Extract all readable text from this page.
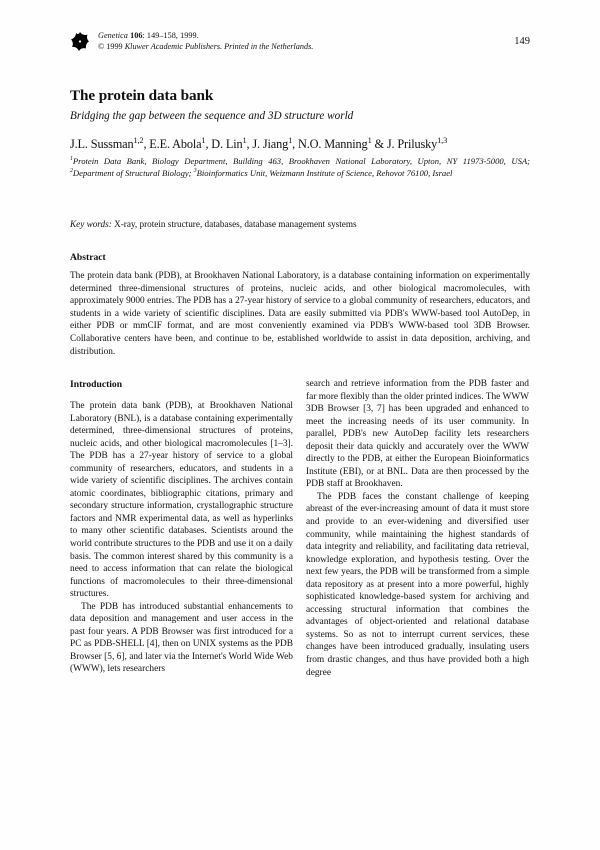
Genetica 106: 149–158, 1999.
© 1999 Kluwer Academic Publishers. Printed in the Netherlands.	149
The protein data bank
Bridging the gap between the sequence and 3D structure world
J.L. Sussman$^{1,2}$, E.E. Abola$^1$, D. Lin$^1$, J. Jiang$^1$, N.O. Manning$^1$ & J. Prilusky$^{1,3}$
$^1$Protein Data Bank, Biology Department, Building 463, Brookhaven National Laboratory, Upton, NY 11973-5000, USA; $^2$Department of Structural Biology; $^3$Bioinformatics Unit, Weizmann Institute of Science, Rehovot 76100, Israel
Key words: X-ray, protein structure, databases, database management systems
Abstract
The protein data bank (PDB), at Brookhaven National Laboratory, is a database containing information on experimentally determined three-dimensional structures of proteins, nucleic acids, and other biological macromolecules, with approximately 9000 entries. The PDB has a 27-year history of service to a global community of researchers, educators, and students in a wide variety of scientific disciplines. Data are easily submitted via PDB's WWW-based tool AutoDep, in either PDB or mmCIF format, and are most conveniently examined via PDB's WWW-based tool 3DB Browser. Collaborative centers have been, and continue to be, established worldwide to assist in data deposition, archiving, and distribution.
Introduction

The protein data bank (PDB), at Brookhaven National Laboratory (BNL), is a database containing experimentally determined, three-dimensional structures of proteins, nucleic acids, and other biological macromolecules [1–3]. The PDB has a 27-year history of service to a global community of researchers, educators, and students in a wide variety of scientific disciplines. The archives contain atomic coordinates, bibliographic citations, primary and secondary structure information, crystallographic structure factors and NMR experimental data, as well as hyperlinks to many other scientific databases. Scientists around the world contribute structures to the PDB and use it on a daily basis. The common interest shared by this community is a need to access information that can relate the biological functions of macromolecules to their three-dimensional structures.

The PDB has introduced substantial enhancements to data deposition and management and user access in the past four years. A PDB Browser was first introduced for a PC as PDB-SHELL [4], then on UNIX systems as the PDB Browser [5, 6], and later via the Internet's World Wide Web (WWW), lets researchers

search and retrieve information from the PDB faster and far more flexibly than the older printed indices. The WWW 3DB Browser [3, 7] has been upgraded and enhanced to meet the increasing needs of its user community. In parallel, PDB's new AutoDep facility lets researchers deposit their data quickly and accurately over the WWW directly to the PDB, at either the European Bioinformatics Institute (EBI), or at BNL. Data are then processed by the PDB staff at Brookhaven.

The PDB faces the constant challenge of keeping abreast of the ever-increasing amount of data it must store and provide to an ever-widening and diversified user community, while maintaining the highest standards of data integrity and reliability, and facilitating data retrieval, knowledge exploration, and hypothesis testing. Over the next few years, the PDB will be transformed from a simple data repository as at present into a more powerful, highly sophisticated knowledge-based system for archiving and accessing structural information that combines the advantages of object-oriented and relational database systems. So as not to interrupt current services, these changes have been introduced gradually, insulating users from drastic changes, and thus have provided both a high degree
